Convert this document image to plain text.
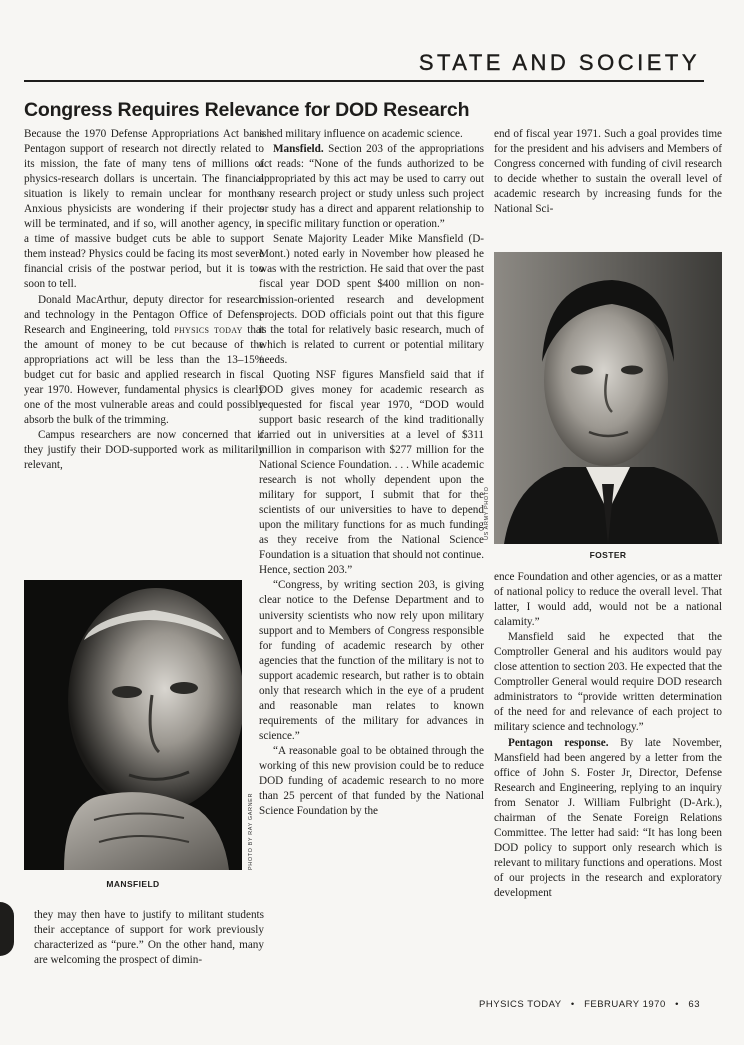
STATE AND SOCIETY
Congress Requires Relevance for DOD Research

Because the 1970 Defense Appropriations Act bans Pentagon support of research not directly related to its mission, the fate of many tens of millions of physics-research dollars is uncertain. The financial situation is likely to remain unclear for months. Anxious physicists are wondering if their projects will be terminated, and if so, will another agency, in a time of massive budget cuts be able to support them instead? Physics could be facing its most severe financial crisis of the postwar period, but it is too soon to tell.

Donald MacArthur, deputy director for research and technology in the Pentagon Office of Defense Research and Engineering, told physics today that the amount of money to be cut because of the appropriations act will be less than the 13–15% budget cut for basic and applied research in fiscal year 1970. However, fundamental physics is clearly one of the most vulnerable areas and could possibly absorb the bulk of the trimming.

Campus researchers are now concerned that if they justify their DOD-supported work as militarily relevant,

PHOTO BY RAY GARNER
MANSFIELD

they may then have to justify to militant students their acceptance of support for work previously characterized as “pure.” On the other hand, many are welcoming the prospect of dimin-

ished military influence on academic science.

Mansfield. Section 203 of the appropriations act reads: “None of the funds authorized to be appropriated by this act may be used to carry out any research project or study unless such project or study has a direct and apparent relationship to a specific military function or operation.”

Senate Majority Leader Mike Mansfield (D-Mont.) noted early in November how pleased he was with the restriction. He said that over the past fiscal year DOD spent $400 million on non-mission-oriented research and development projects. DOD officials point out that this figure is the total for relatively basic research, much of which is related to current or potential military needs.

Quoting NSF figures Mansfield said that if DOD gives money for academic research as requested for fiscal year 1970, “DOD would support basic research of the kind traditionally carried out in universities at a level of $311 million in comparison with $277 million for the National Science Foundation. . . . While academic research is not wholly dependent upon the military for support, I submit that for the scientists of our universities to have to depend upon the military functions for as much funding as they receive from the National Science Foundation is a situation that should not continue. Hence, section 203.”

“Congress, by writing section 203, is giving clear notice to the Defense Department and to university scientists who now rely upon military support and to Members of Congress responsible for funding of academic research by other agencies that the function of the military is not to support academic research, but rather is to obtain only that research which in the eye of a prudent and reasonable man relates to known requirements of the military for advances in science.”

“A reasonable goal to be obtained through the working of this new provision could be to reduce DOD funding of academic research to no more than 25 percent of that funded by the National Science Foundation by the

end of fiscal year 1971. Such a goal provides time for the president and his advisers and Members of Congress concerned with funding of civil research to decide whether to sustain the overall level of academic research by increasing funds for the National Sci-

US ARMY PHOTO
FOSTER

ence Foundation and other agencies, or as a matter of national policy to reduce the overall level. That latter, I would add, would not be a national calamity.”

Mansfield said he expected that the Comptroller General and his auditors would pay close attention to section 203. He expected that the Comptroller General would require DOD research administrators to “provide written determination of the need for and relevance of each project to military science and technology.”

Pentagon response. By late November, Mansfield had been angered by a letter from the office of John S. Foster Jr, Director, Defense Research and Engineering, replying to an inquiry from Senator J. William Fulbright (D-Ark.), chairman of the Senate Foreign Relations Committee. The letter had said: “It has long been DOD policy to support only research which is relevant to military functions and operations. Most of our projects in the research and exploratory development

PHYSICS TODAY • FEBRUARY 1970 • 63
